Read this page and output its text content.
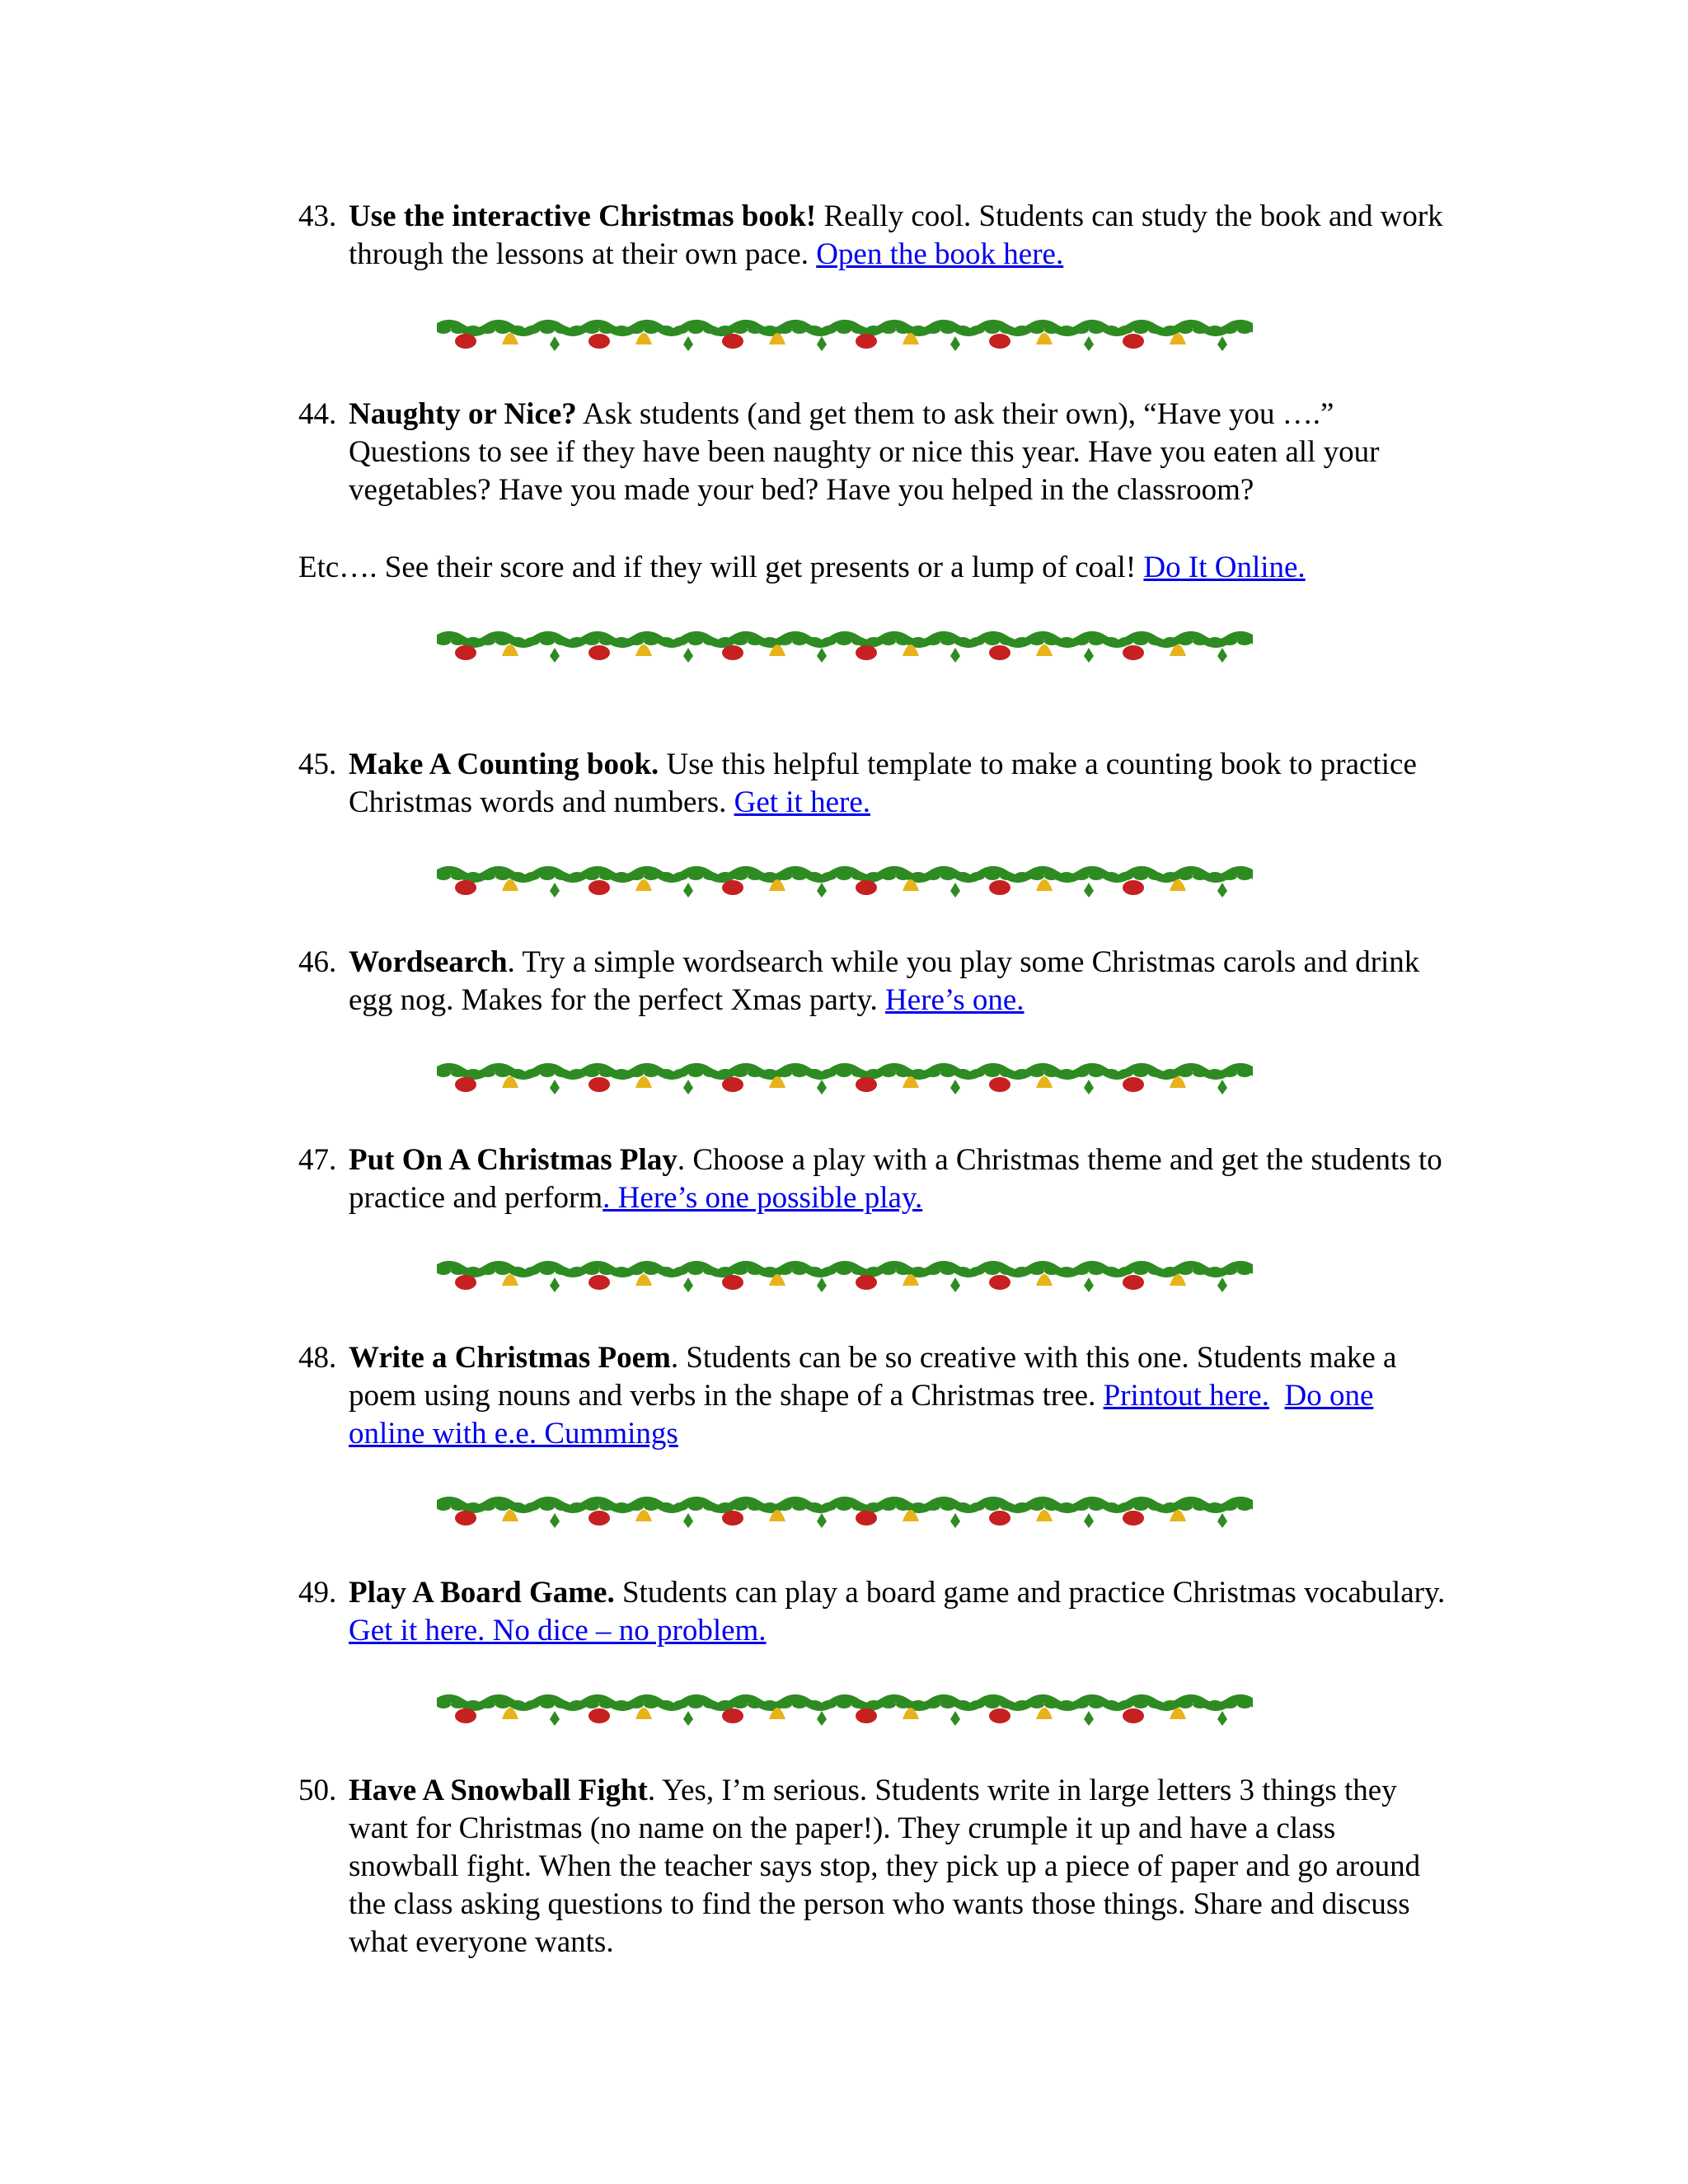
43. Use the interactive Christmas book! Really cool. Students can study the book and work through the lessons at their own pace. Open the book here.
44. Naughty or Nice? Ask students (and get them to ask their own), “Have you ….” Questions to see if they have been naughty or nice this year. Have you eaten all your vegetables? Have you made your bed? Have you helped in the classroom?
Etc…. See their score and if they will get presents or a lump of coal! Do It Online.
45. Make A Counting book. Use this helpful template to make a counting book to practice Christmas words and numbers. Get it here.
46. Wordsearch. Try a simple wordsearch while you play some Christmas carols and drink egg nog. Makes for the perfect Xmas party. Here’s one.
47. Put On A Christmas Play. Choose a play with a Christmas theme and get the students to practice and perform. Here’s one possible play.
48. Write a Christmas Poem. Students can be so creative with this one. Students make a poem using nouns and verbs in the shape of a Christmas tree. Printout here. Do one online with e.e. Cummings
49. Play A Board Game. Students can play a board game and practice Christmas vocabulary. Get it here. No dice – no problem.
50. Have A Snowball Fight. Yes, I’m serious. Students write in large letters 3 things they want for Christmas (no name on the paper!). They crumple it up and have a class snowball fight. When the teacher says stop, they pick up a piece of paper and go around the class asking questions to find the person who wants those things. Share and discuss what everyone wants.
